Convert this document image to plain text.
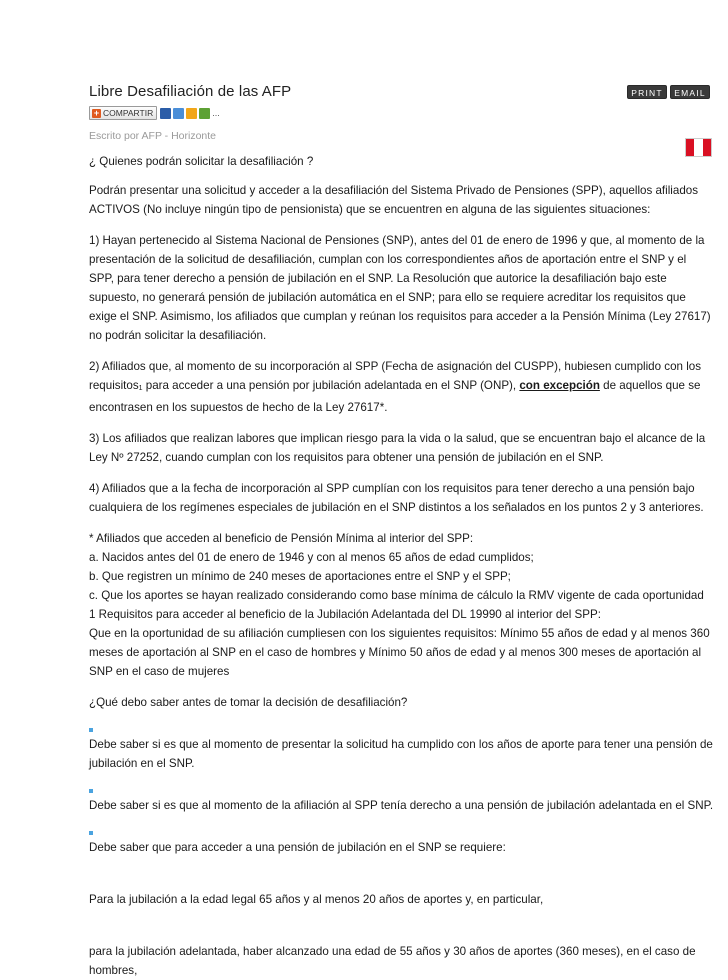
Libre Desafiliación de las AFP	PRINT	EMAIL
+ COMPARTIR	...
Escrito por AFP - Horizonte

¿ Quienes podrán solicitar la desafiliación ?

Podrán presentar una solicitud y acceder a la desafiliación del Sistema Privado de Pensiones (SPP), aquellos afiliados ACTIVOS (No incluye ningún tipo de pensionista) que se encuentren en alguna de las siguientes situaciones:

1) Hayan pertenecido al Sistema Nacional de Pensiones (SNP), antes del 01 de enero de 1996 y que, al momento de la presentación de la solicitud de desafiliación, cumplan con los correspondientes años de aportación entre el SNP y el SPP, para tener derecho a pensión de jubilación en el SNP. La Resolución que autorice la desafiliación bajo este supuesto, no generará pensión de jubilación automática en el SNP; para ello se requiere acreditar los requisitos que exige el SNP. Asimismo, los afiliados que cumplan y reúnan los requisitos para acceder a la Pensión Mínima (Ley 27617) no podrán solicitar la desafiliación.

2) Afiliados que, al momento de su incorporación al SPP (Fecha de asignación del CUSPP), hubiesen cumplido con los requisitos1 para acceder a una pensión por jubilación adelantada en el SNP (ONP), con excepción de aquellos que se encontrasen en los supuestos de hecho de la Ley 27617*.

3) Los afiliados que realizan labores que implican riesgo para la vida o la salud, que se encuentran bajo el alcance de la Ley Nº 27252, cuando cumplan con los requisitos para obtener una pensión de jubilación en el SNP.

4) Afiliados que a la fecha de incorporación al SPP cumplían con los requisitos para tener derecho a una pensión bajo cualquiera de los regímenes especiales de jubilación en el SNP distintos a los señalados en los puntos 2 y 3 anteriores.

* Afiliados que acceden al beneficio de Pensión Mínima al interior del SPP:

a. Nacidos antes del 01 de enero de 1946 y con al menos 65 años de edad cumplidos;

b. Que registren un mínimo de 240 meses de aportaciones entre el SNP y el SPP;

c. Que los aportes se hayan realizado considerando como base mínima de cálculo la RMV vigente de cada oportunidad

1 Requisitos para acceder al beneficio de la Jubilación Adelantada del DL 19990 al interior del SPP:

Que en la oportunidad de su afiliación cumpliesen con los siguientes requisitos: Mínimo 55 años de edad y al menos 360 meses de aportación al SNP en el caso de hombres y Mínimo 50 años de edad y al menos 300 meses de aportación al SNP en el caso de mujeres

¿Qué debo saber antes de tomar la decisión de desafiliación?

Debe saber si es que al momento de presentar la solicitud ha cumplido con los años de aporte para tener una pensión de jubilación en el SNP.

Debe saber si es que al momento de la afiliación al SPP tenía derecho a una pensión de jubilación adelantada en el SNP.

Debe saber que para acceder a una pensión de jubilación en el SNP se requiere:

Para la jubilación a la edad legal 65 años y al menos 20 años de aportes y, en particular,

para la jubilación adelantada, haber alcanzado una edad de 55 años y 30 años de aportes (360 meses), en el caso de hombres,
